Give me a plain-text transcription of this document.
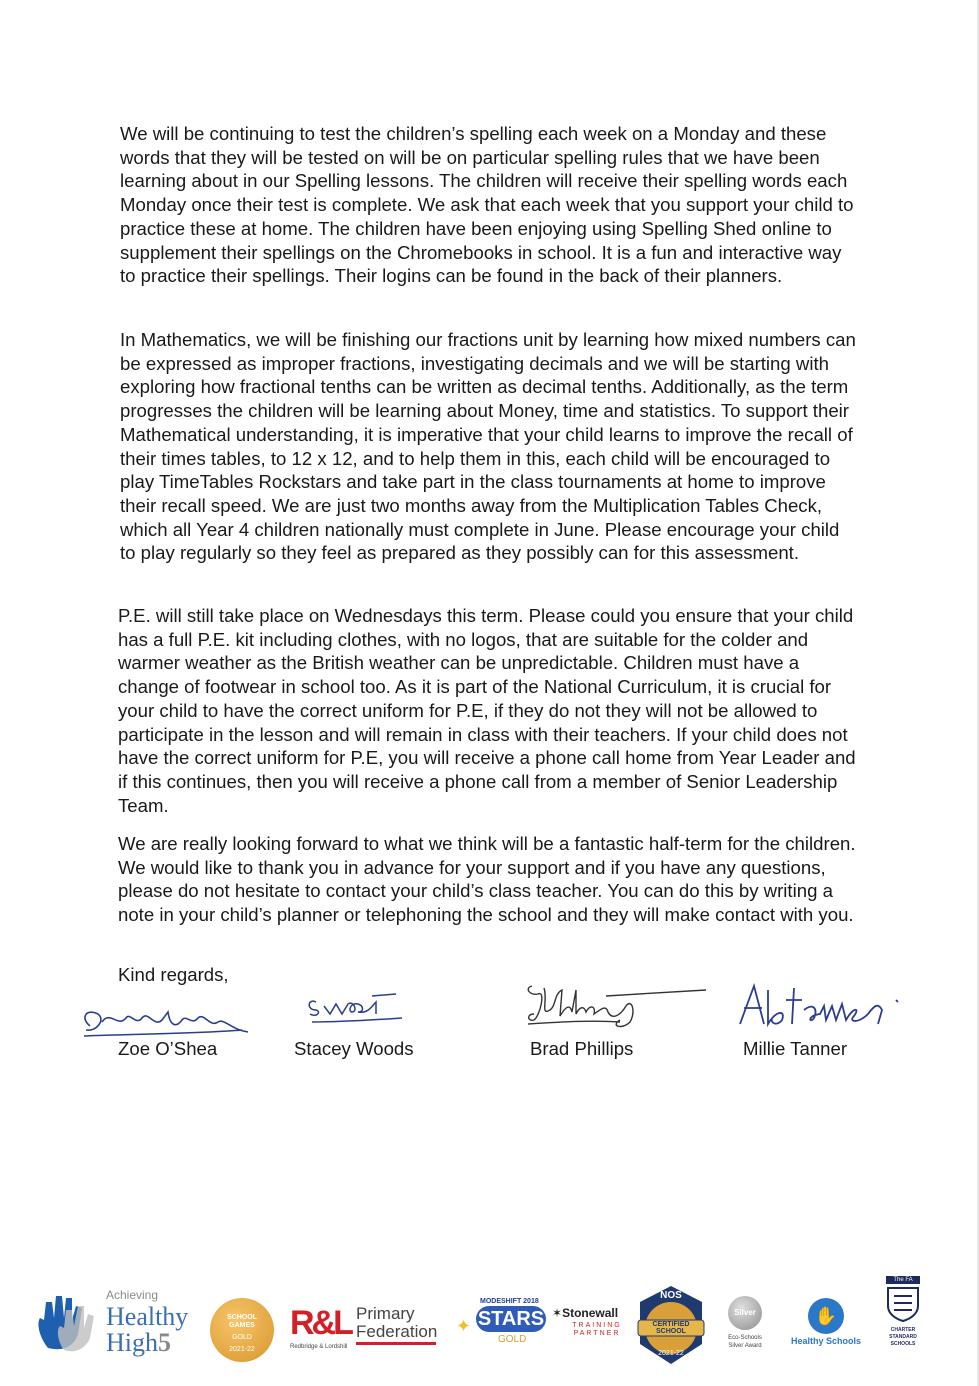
We will be continuing to test the children’s spelling each week on a Monday and these words that they will be tested on will be on particular spelling rules that we have been learning about in our Spelling lessons. The children will receive their spelling words each Monday once their test is complete. We ask that each week that you support your child to practice these at home. The children have been enjoying using Spelling Shed online to supplement their spellings on the Chromebooks in school. It is a fun and interactive way to practice their spellings. Their logins can be found in the back of their planners.

In Mathematics, we will be finishing our fractions unit by learning how mixed numbers can be expressed as improper fractions, investigating decimals and we will be starting with exploring how fractional tenths can be written as decimal tenths. Additionally, as the term progresses the children will be learning about Money, time and statistics. To support their Mathematical understanding, it is imperative that your child learns to improve the recall of their times tables, to 12 x 12, and to help them in this, each child will be encouraged to play TimeTables Rockstars and take part in the class tournaments at home to improve their recall speed. We are just two months away from the Multiplication Tables Check, which all Year 4 children nationally must complete in June. Please encourage your child to play regularly so they feel as prepared as they possibly can for this assessment.

P.E. will still take place on Wednesdays this term. Please could you ensure that your child has a full P.E. kit including clothes, with no logos, that are suitable for the colder and warmer weather as the British weather can be unpredictable. Children must have a change of footwear in school too. As it is part of the National Curriculum, it is crucial for your child to have the correct uniform for P.E, if they do not they will not be allowed to participate in the lesson and will remain in class with their teachers. If your child does not have the correct uniform for P.E, you will receive a phone call home from Year Leader and if this continues, then you will receive a phone call from a member of Senior Leadership Team.

We are really looking forward to what we think will be a fantastic half-term for the children. We would like to thank you in advance for your support and if you have any questions, please do not hesitate to contact your child’s class teacher. You can do this by writing a note in your child’s planner or telephoning the school and they will make contact with you.

Kind regards,
Zoe O’Shea	Stacey Woods	Brad Phillips	Millie Tanner
Achieving
Healthy
High5
SCHOOL
GAMES
GOLD
2021-22
R&L Primary
Federation
Redbridge & Lordshill
MODESHIFT 2018
STARS
GOLD
✦
✶Stonewall
TRAINING
PARTNER
NOS
CERTIFIED
SCHOOL
2021-22
Silver
Eco-Schools
Silver Award
✋
Healthy Schools
The FA
CHARTER
STANDARD
SCHOOLS
